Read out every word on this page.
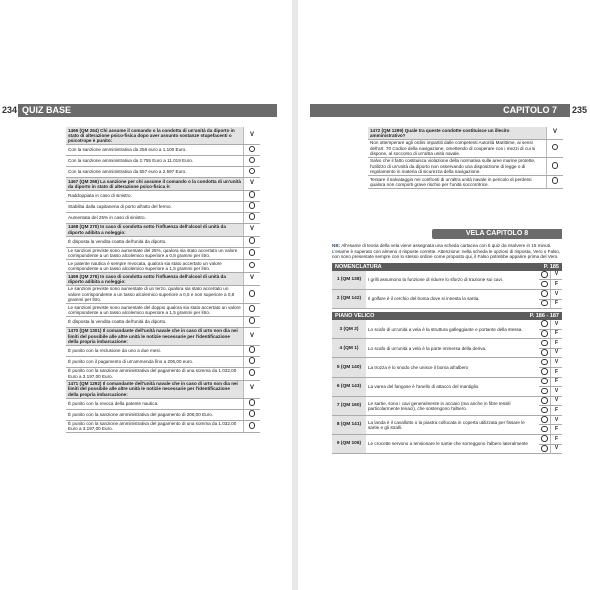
234 QUIZ BASE
1466 (QM 264) Chi assume il comando o la condotta di un'unità da diporto in stato di alterazione psico-fisica dopo aver assunto sostanze stupefacenti o psicotrope è punito:	V
Con la sanzione amministrativa da 256 euro a 1.100 Euro.	
Con la sanzione amministrativa da 2.755 Euro a 11.019 Euro.	
Con la sanzione amministrativa da 557 euro a 2.597 Euro.	
1467 (QM 266) La sanzione per chi assume il comando o la condotta di un'unità da diporto in stato di alterazione psico-fisica è:	V
Raddoppiata in caso di sinistro.	
Stabilita dalla capitaneria di porto all'atto del fermo.	
Aumentata del 25% in caso di sinistro.	
1468 (QM 270) In caso di condotta sotto l'influenza dell'alcool di unità da diporto adibita a noleggio:	V
È disposta la vendita coatta dell'unità da diporto.	
Le sanzioni previste sono aumentate del 25%, qualora sia stato accertato un valore corrispondente a un tasso alcolemico superiore a 0,8 grammi per litro.	
Le patente nautica è sempre revocata, qualora sia stato accertato un valore corrispondente a un tasso alcolemico superiore a 1,5 grammi per litro.	
1469 (QM 276) In caso di condotta sotto l'influenza dell'alcool di unità da diporto adibita a noleggio:	V
Le sanzioni previste sono aumentate di un terzo, qualora sia stato accertato un valore corrispondente a un tasso alcolemico superiore a 0,5 e non superiore a 0,8 grammi per litro.	
Le sanzioni previste sono aumentate del doppio qualora sia stato accertato un valore corrispondente a un tasso alcolemico superiore a 1,5 grammi per litro.	
È disposta la vendita coatta dell'unità da diporto.	
1470 (QM 1301) Il comandante dell'unità navale che in caso di urto non dia nei limiti del possibile alle altre unità le notizie necessarie per l'identificazione della propria imbarcazione:	V
È punito con la reclusione da uno a due mesi.	
È punito con il pagamento di un'ammenda fino a 206,00 euro.	
È punito con la sanzione amministrativa del pagamento di una somma da 1.032,00 Euro a 3.197,00 Euro.	
1471 (QM 1292) Il comandante dell'unità navale che in caso di urto non dia nei limiti del possibile alle altre unità le notizie necessarie per l'identificazione della propria imbarcazione:	V
È punito con la revoca della patente nautica.	
È punito con la sanzione amministrativa del pagamento di 206,00 Euro.	
È punito con la sanzione amministrativa del pagamento di una somma da 1.032,00 Euro a 3.197,00 Euro.	
CAPITOLO 7 235
1472 (QM 1299) Quale tra queste condotte costituisce un illecito amministrativo?	V
Non ottemperare agli ordini impartiti dalle competenti Autorità Marittime, ai sensi dell'art. 70 Codice della navigazione, omettendo di cooperare con i mezzi di cui si dispone, al soccorso di un'altra unità navale.	
Salvo che il fatto costituisca violazione della normativa sulle aree marine protette, l'utilizzo di un'unità da diporto non osservando una disposizione di legge o di regolamento in materia di sicurezza della navigazione.	
Tentare il salvataggio nei confronti di un'altra unità navale in pericolo di perdersi qualora non comporti grave rischio per l'unità soccorritrice.	
VELA CAPITOLO 8
NB: All'esame di teoria della vela viene assegnata una scheda cartacea con 5 quiz da risolvere in 15 minuti. L'esame è superato con almeno 4 risposte corrette. Attenzione: nella scheda le opzioni di risposta, Vero o Falso, non sono presentate sempre con lo stesso ordine come proposto qui, il Falso potrebbe apparire prima del Vero.
NOMENCLATURA	P. 185
1 (QM 138)	I grilli assumono la funzione di ridurre lo sforzo di trazione sui cavi.		V
			F
2 (QM 142)	Il golfare è il cerchio del boma dove si innesta la sartia.		V
			F
PIANO VELICO	P. 186 - 187
3 (QM 2)	Lo scafo di un'unità a vela è la struttura galleggiante e portante della stessa.		V
			F
4 (QM 1)	Lo scafo di un'unità a vela è la parte immersa della deriva.		F
			V
5 (QM 140)	La trozza è lo snodo che unisce il boma all'albero		V
			F
6 (QM 143)	La varea del fangose è l'anello di attacco del mantiglio.		F
			V
7 (QM 160)	Le sartie, sono i cavi generalmente in acciaio (ma anche in fibre tessili particolarmente tenaci), che sostengono l'albero.		V
			F
8 (QM 141)	La landa è il cavallotto o la piastra collocata in coperta utilizzata per fissare le sartie e gli stralli.		V
			F
9 (QM 106)	Le crocette servono a tensionare le sartie che sorreggono l'albero lateralmente		F
			V
